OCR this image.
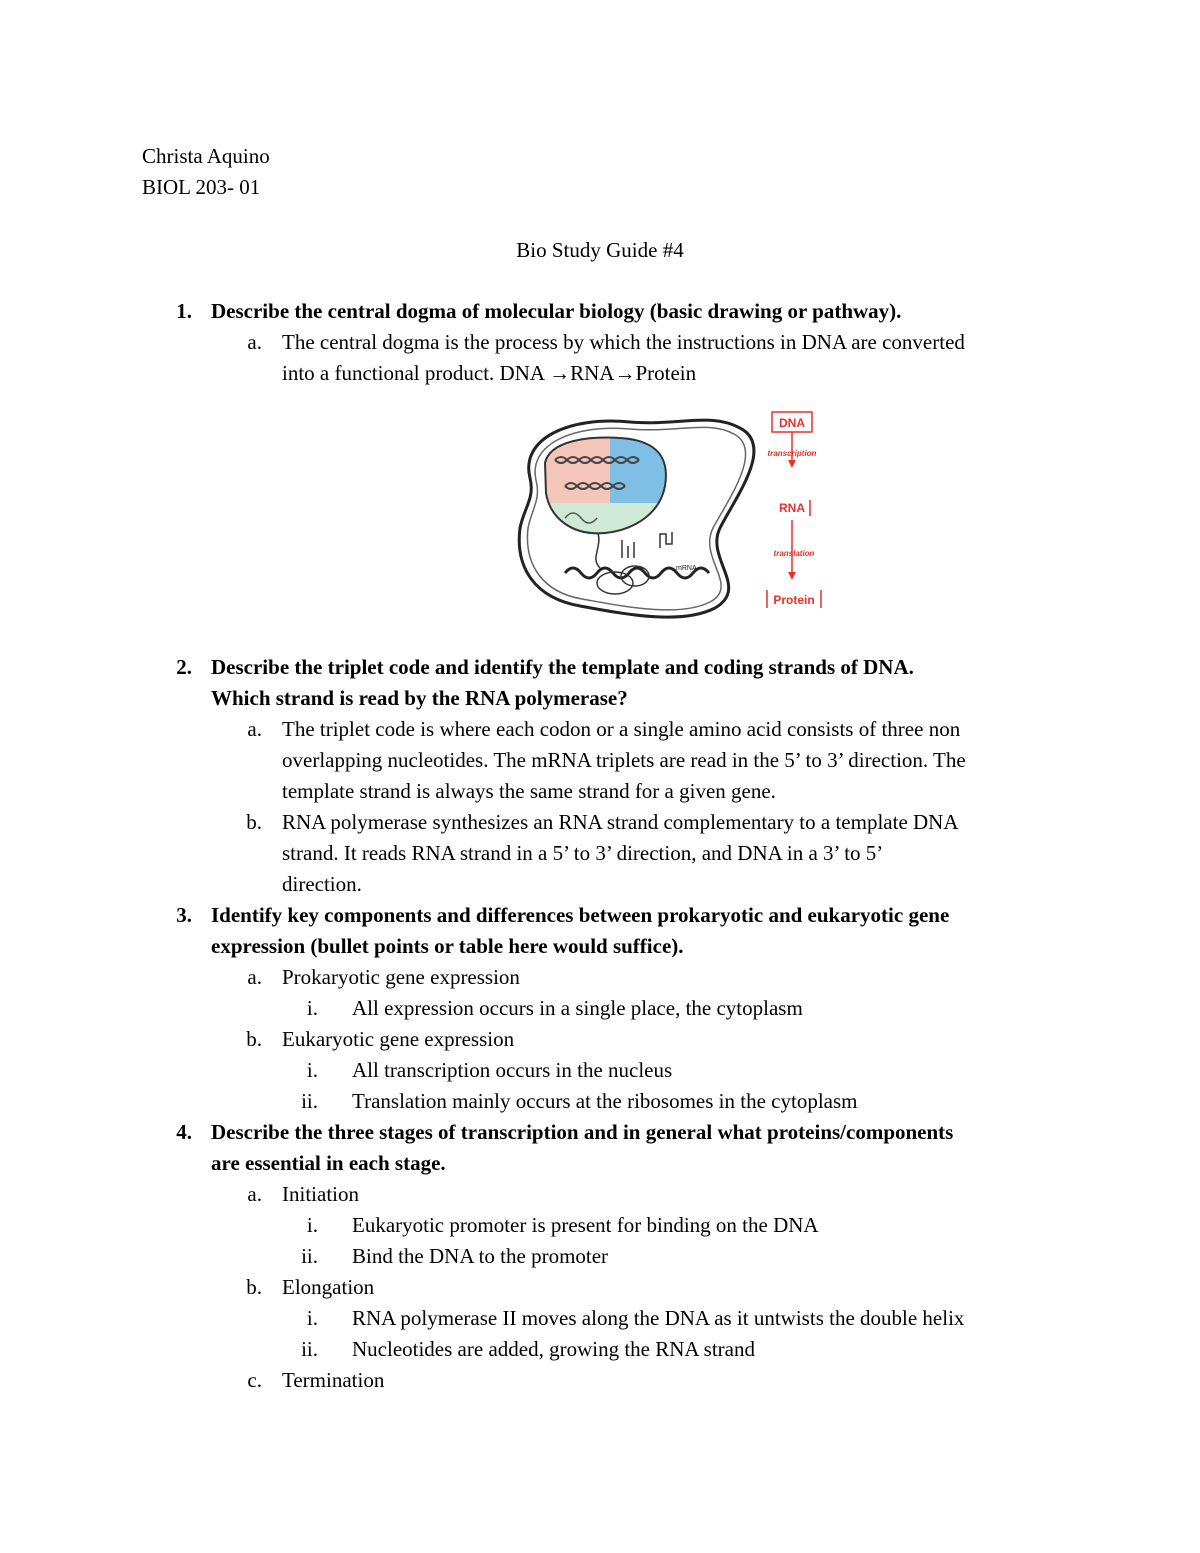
Christa Aquino
BIOL 203- 01
Bio Study Guide #4
1. Describe the central dogma of molecular biology (basic drawing or pathway).
a. The central dogma is the process by which the instructions in DNA are converted
into a functional product. DNA →RNA→Protein
mRNA
DNA
transcription
RNA
translation
Protein
2. Describe the triplet code and identify the template and coding strands of DNA.
Which strand is read by the RNA polymerase?
a. The triplet code is where each codon or a single amino acid consists of three non
overlapping nucleotides. The mRNA triplets are read in the 5’ to 3’ direction. The
template strand is always the same strand for a given gene.
b. RNA polymerase synthesizes an RNA strand complementary to a template DNA
strand. It reads RNA strand in a 5’ to 3’ direction, and DNA in a 3’ to 5’
direction.
3. Identify key components and differences between prokaryotic and eukaryotic gene
expression (bullet points or table here would suffice).
a. Prokaryotic gene expression
i. All expression occurs in a single place, the cytoplasm
b. Eukaryotic gene expression
i. All transcription occurs in the nucleus
ii. Translation mainly occurs at the ribosomes in the cytoplasm
4. Describe the three stages of transcription and in general what proteins/components
are essential in each stage.
a. Initiation
i. Eukaryotic promoter is present for binding on the DNA
ii. Bind the DNA to the promoter
b. Elongation
i. RNA polymerase II moves along the DNA as it untwists the double helix
ii. Nucleotides are added, growing the RNA strand
c. Termination
